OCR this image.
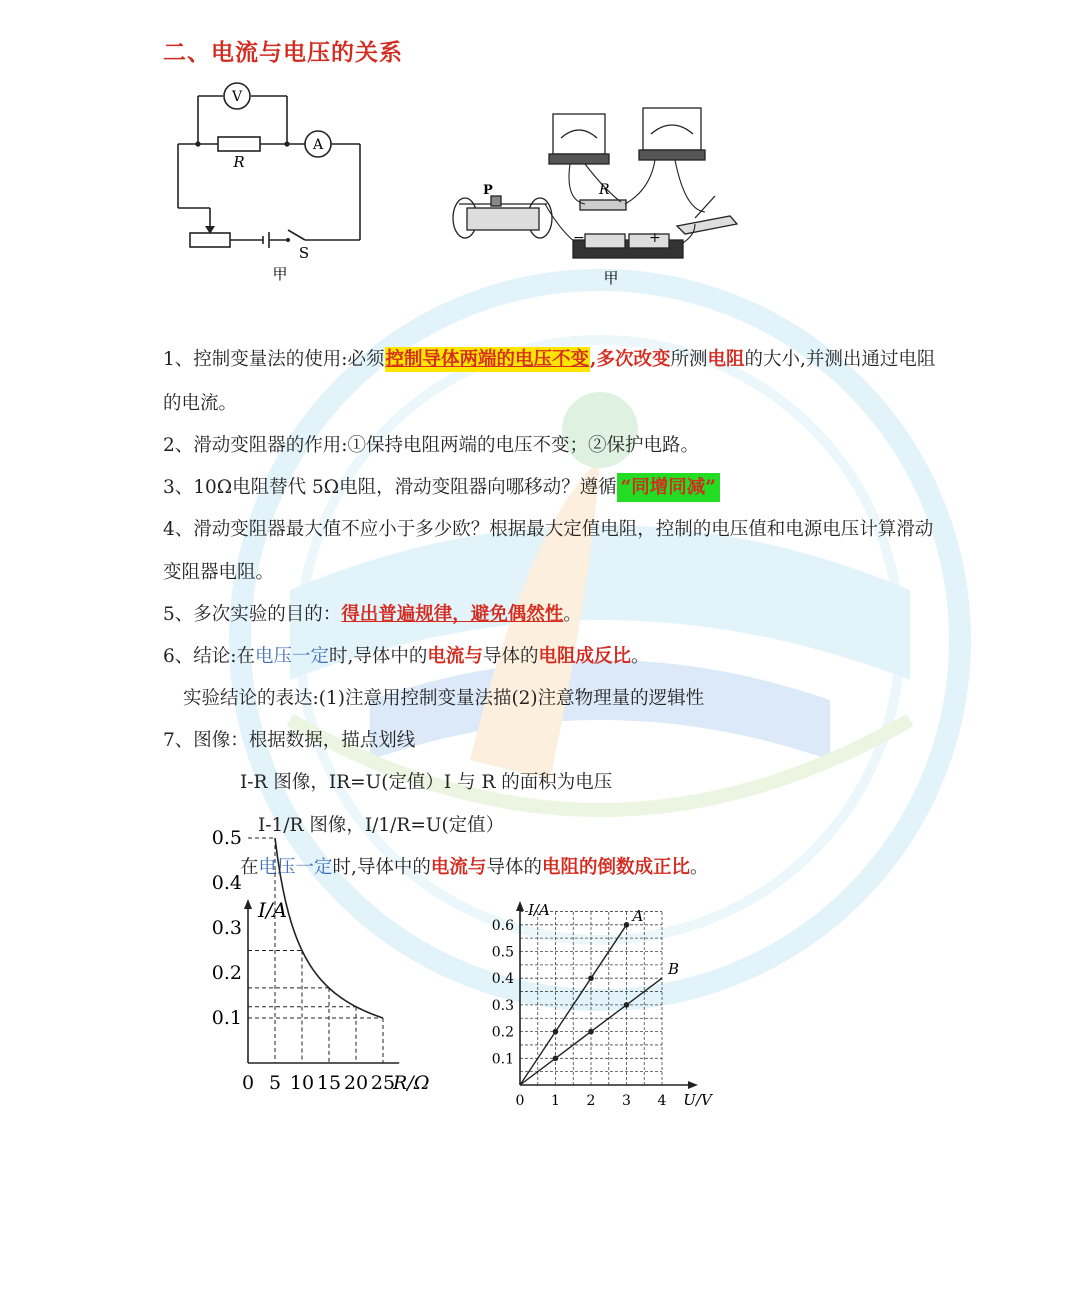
二、电流与电压的关系
V
A
R
S
甲
P	R
−	+
甲
1、控制变量法的使用:必须控制导体两端的电压不变,多次改变所测电阻的大小,并测出通过电阻
的电流。
2、滑动变阻器的作用:①保持电阻两端的电压不变；②保护电路。
3、10Ω电阻替代 5Ω电阻，滑动变阻器向哪移动？遵循 “同增同减”
4、滑动变阻器最大值不应小于多少欧？根据最大定值电阻，控制的电压值和电源电压计算滑动
变阻器电阻。
5、多次实验的目的：得出普遍规律，避免偶然性。
6、结论:在电压一定时,导体中的电流与导体的电阻成反比。
实验结论的表达:(1)注意用控制变量法描(2)注意物理量的逻辑性
7、图像：根据数据，描点划线
I-R 图像，IR=U(定值）I 与 R 的面积为电压
I-1/R 图像，I/1/R=U(定值）
在电压一定时,导体中的电流与导体的电阻的倒数成正比。
I/A
0.5
0.4
0.3
0.2
0.1
0 5 10 15 20 25
R/Ω
I/A
U/V
0.6
0.5
0.4
0.3
0.2
0.1
0 1 2 3 4
A
B
